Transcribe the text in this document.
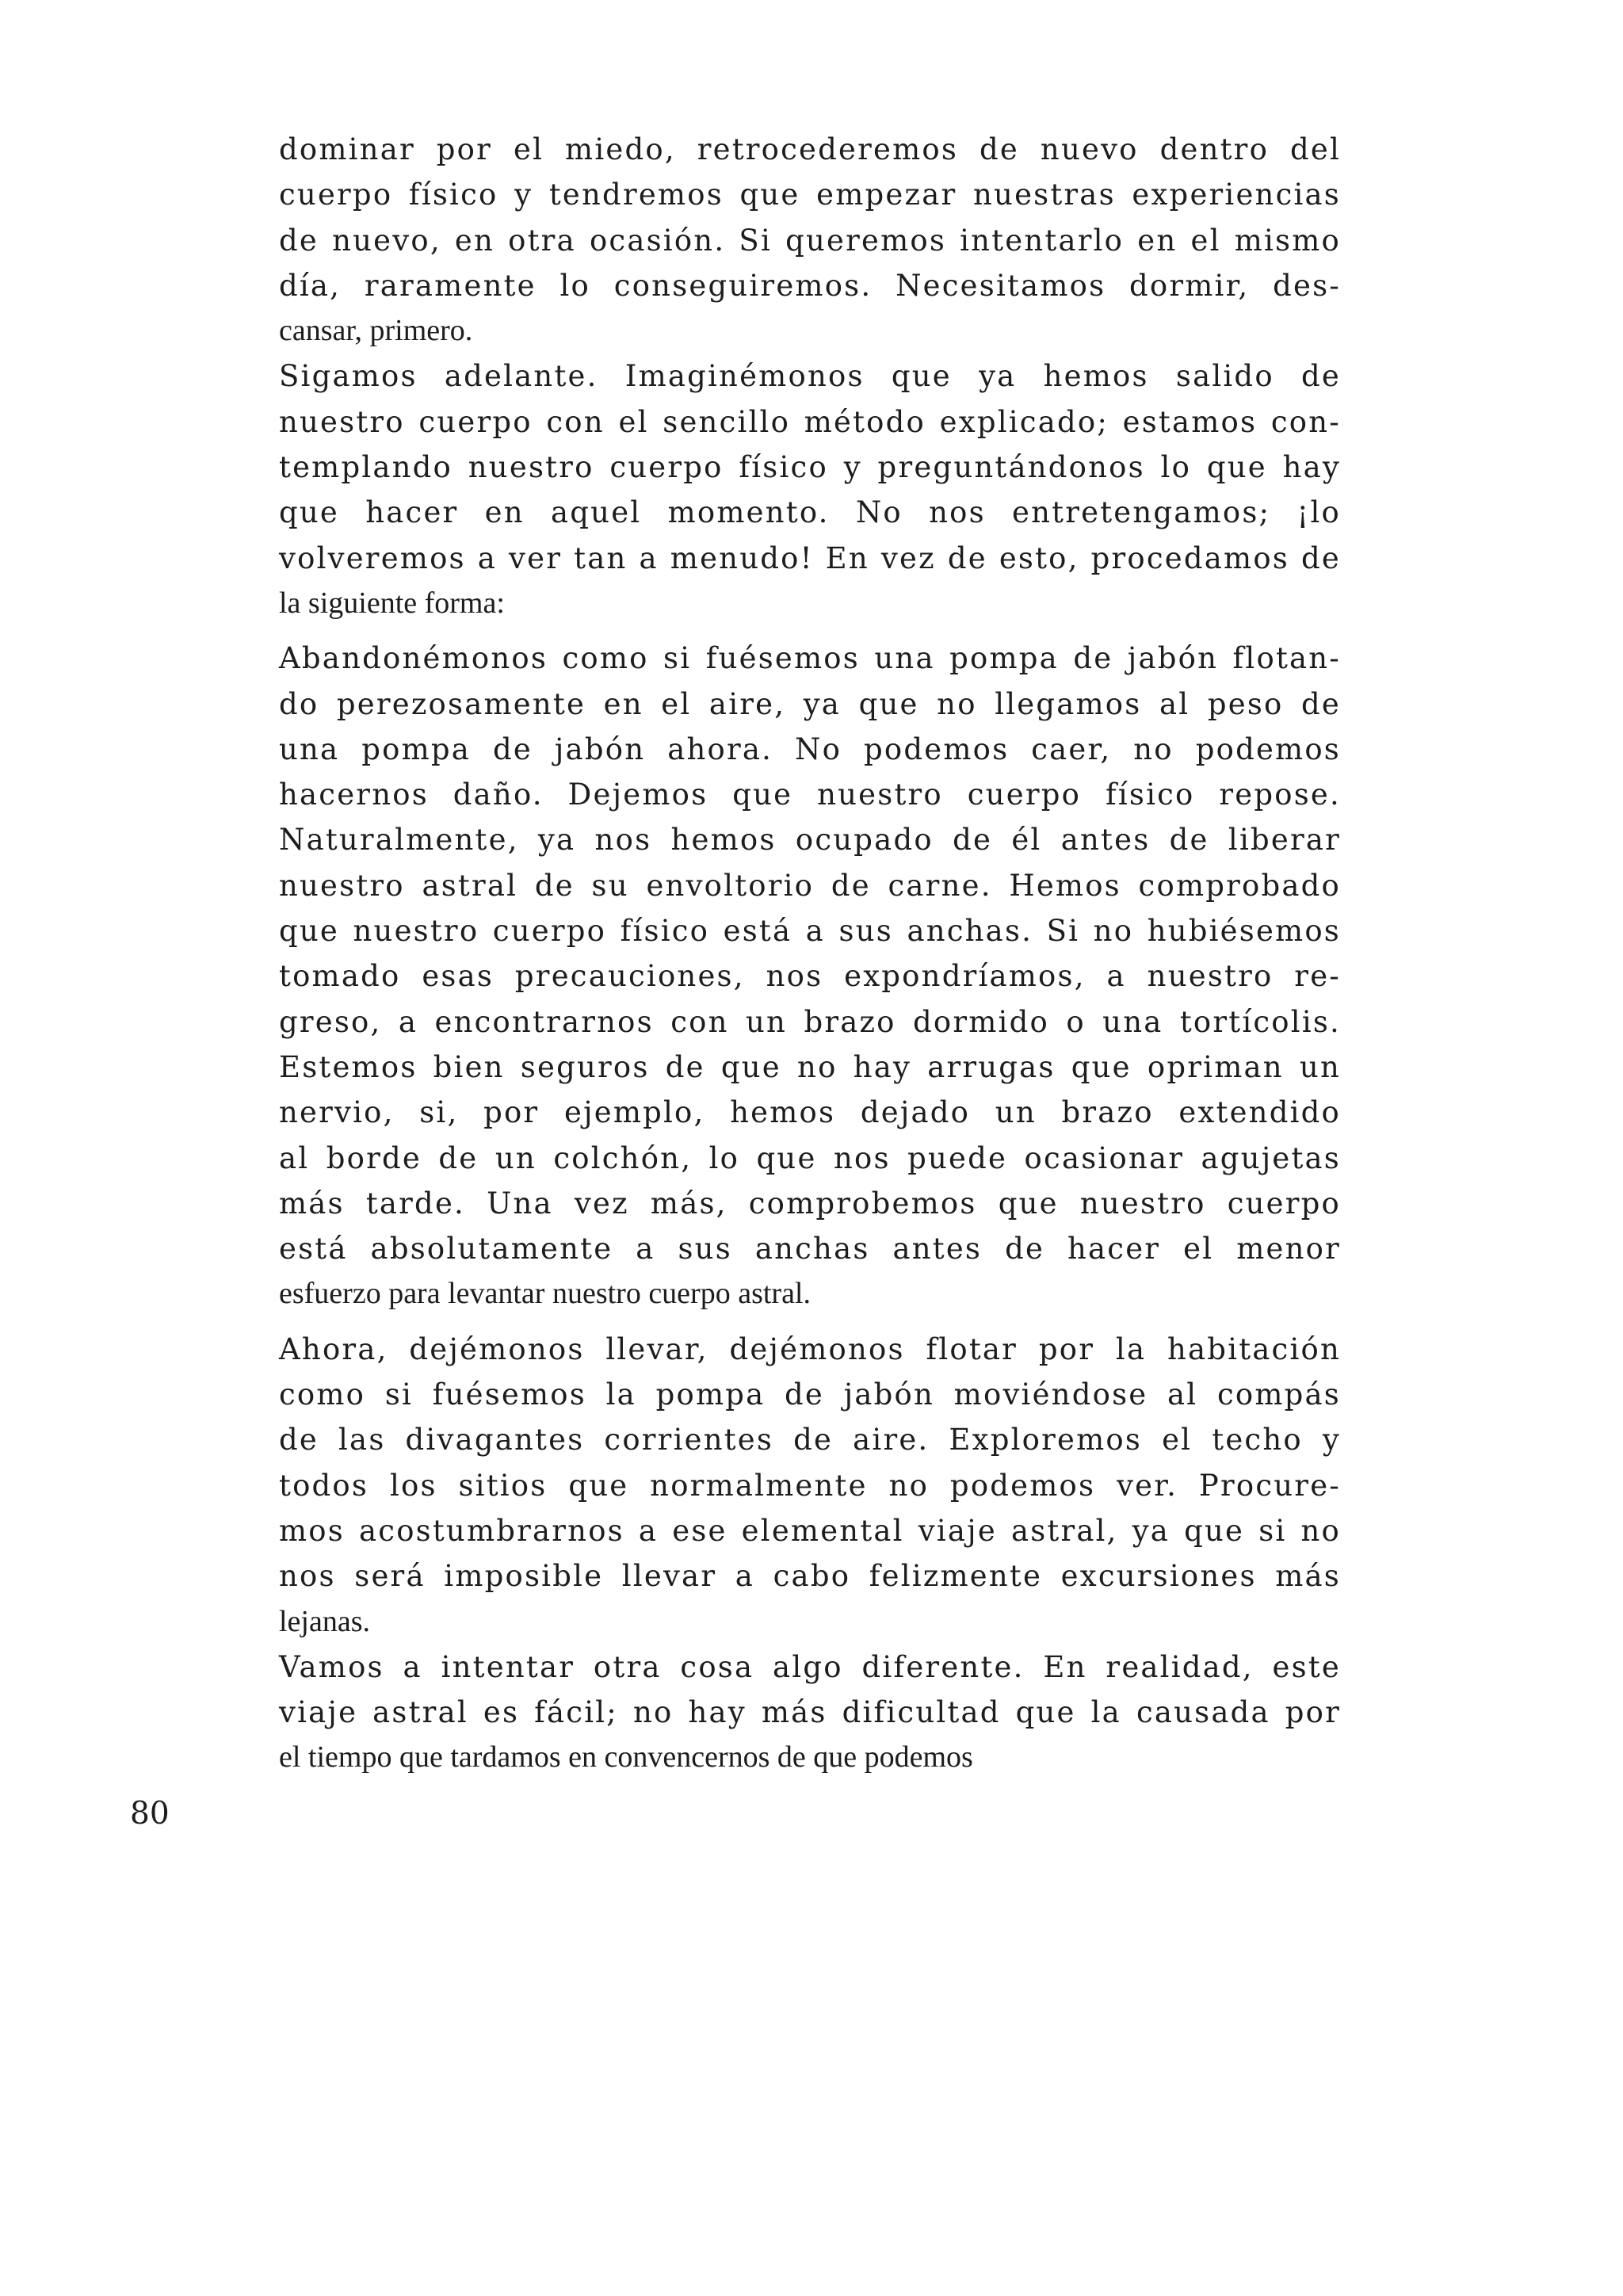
dominar por el miedo, retrocederemos de nuevo dentro del
cuerpo físico y tendremos que empezar nuestras experiencias
de nuevo, en otra ocasión. Si queremos intentarlo en el mismo
día, raramente lo conseguiremos. Necesitamos dormir, des-
cansar, primero.

Sigamos adelante. Imaginémonos que ya hemos salido de
nuestro cuerpo con el sencillo método explicado; estamos con-
templando nuestro cuerpo físico y preguntándonos lo que hay
que hacer en aquel momento. No nos entretengamos; ¡lo
volveremos a ver tan a menudo! En vez de esto, procedamos de
la siguiente forma:

Abandonémonos como si fuésemos una pompa de jabón flotan-
do perezosamente en el aire, ya que no llegamos al peso de
una pompa de jabón ahora. No podemos caer, no podemos
hacernos daño. Dejemos que nuestro cuerpo físico repose.
Naturalmente, ya nos hemos ocupado de él antes de liberar
nuestro astral de su envoltorio de carne. Hemos comprobado
que nuestro cuerpo físico está a sus anchas. Si no hubiésemos
tomado esas precauciones, nos expondríamos, a nuestro re-
greso, a encontrarnos con un brazo dormido o una tortícolis.
Estemos bien seguros de que no hay arrugas que opriman un
nervio, si, por ejemplo, hemos dejado un brazo extendido
al borde de un colchón, lo que nos puede ocasionar agujetas
más tarde. Una vez más, comprobemos que nuestro cuerpo
está absolutamente a sus anchas antes de hacer el menor
esfuerzo para levantar nuestro cuerpo astral.

Ahora, dejémonos llevar, dejémonos flotar por la habitación
como si fuésemos la pompa de jabón moviéndose al compás
de las divagantes corrientes de aire. Exploremos el techo y
todos los sitios que normalmente no podemos ver. Procure-
mos acostumbrarnos a ese elemental viaje astral, ya que si no
nos será imposible llevar a cabo felizmente excursiones más
lejanas.

Vamos a intentar otra cosa algo diferente. En realidad, este
viaje astral es fácil; no hay más dificultad que la causada por
el tiempo que tardamos en convencernos de que podemos

80
